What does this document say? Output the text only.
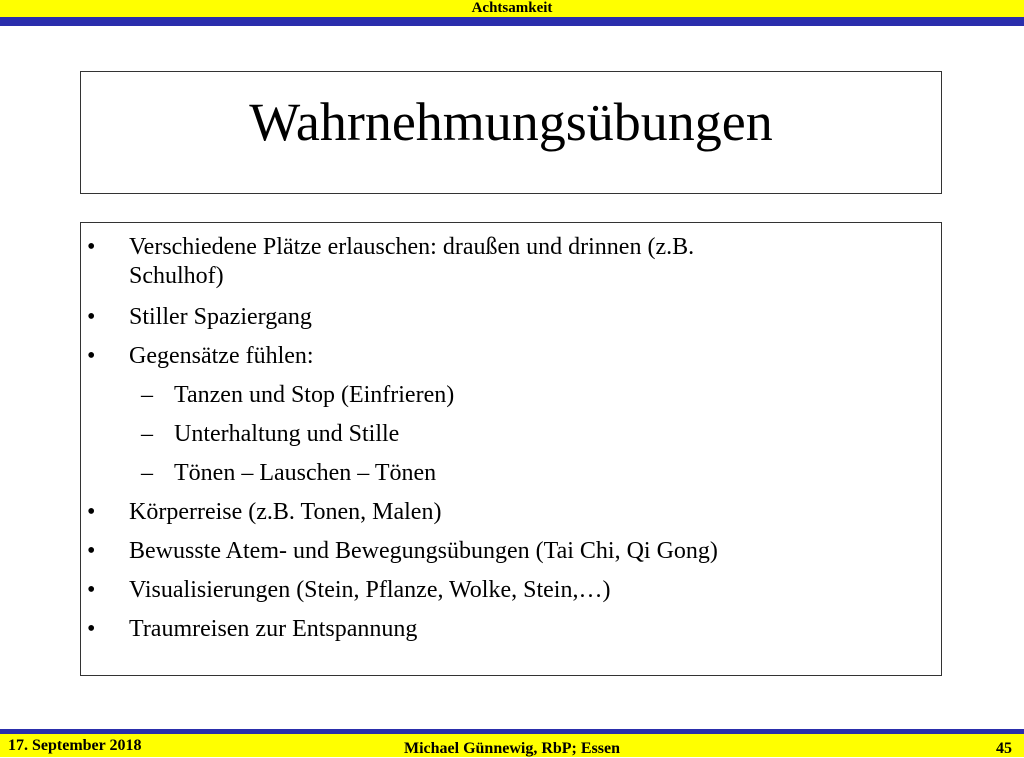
Achtsamkeit
Wahrnehmungsübungen
• Verschiedene Plätze erlauschen: draußen und drinnen (z.B.
Schulhof)
• Stiller Spaziergang
• Gegensätze fühlen:
– Tanzen und Stop (Einfrieren)
– Unterhaltung und Stille
– Tönen – Lauschen – Tönen
• Körperreise (z.B. Tonen, Malen)
• Bewusste Atem- und Bewegungsübungen (Tai Chi, Qi Gong)
• Visualisierungen (Stein, Pflanze, Wolke, Stein,…)
• Traumreisen zur Entspannung
17. September 2018	Michael Günnewig, RbP; Essen	45
